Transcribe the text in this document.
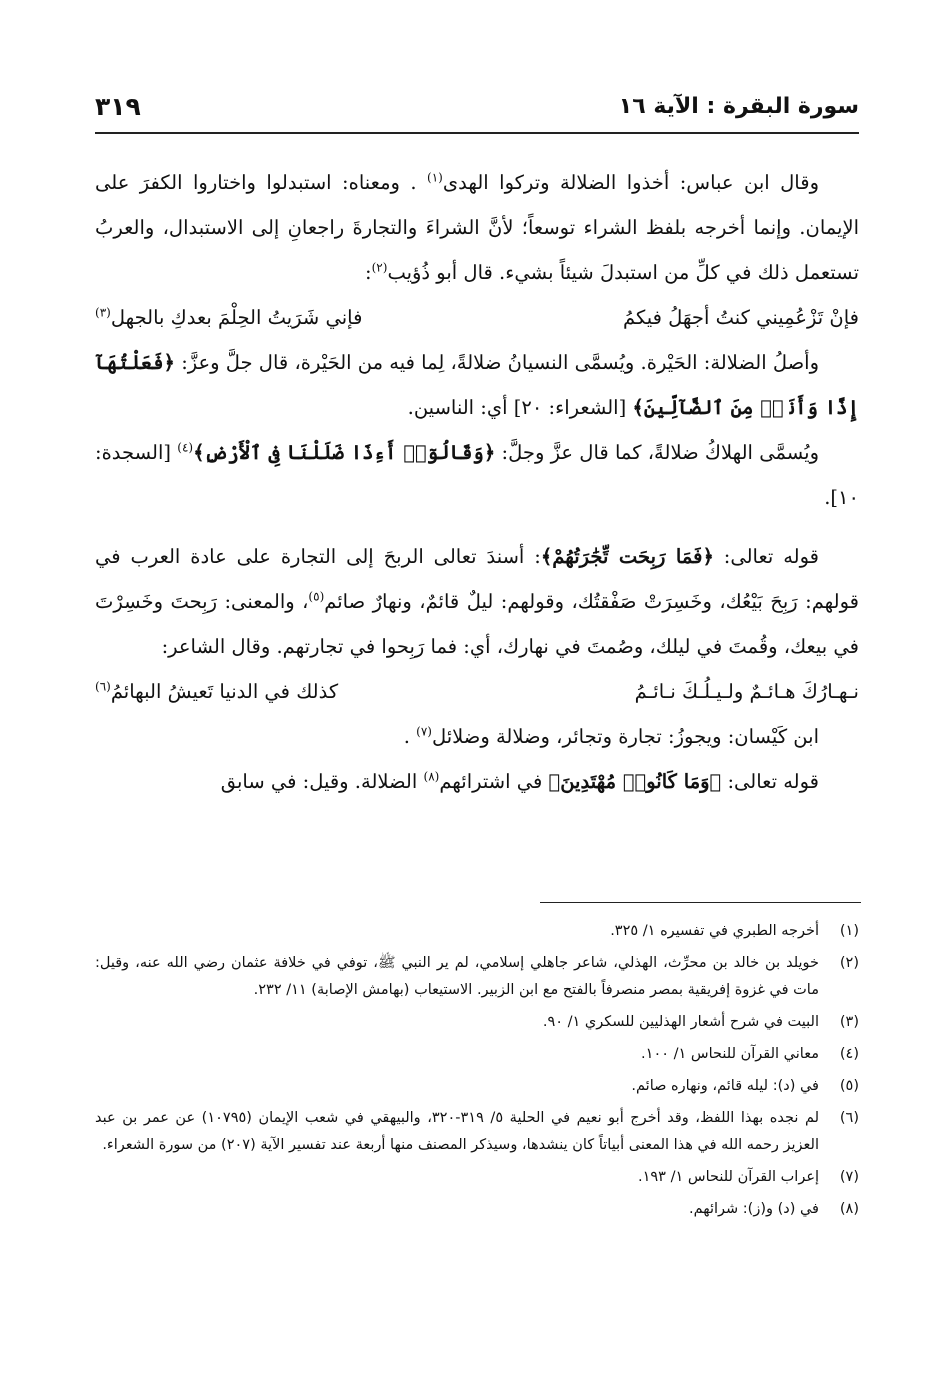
سورة البقرة : الآية ١٦
٣١٩

وقال ابن عباس: أخذوا الضلالة وتركوا الهدى$^{(١)}$ . ومعناه: استبدلوا واختاروا الكفرَ على الإيمان. وإنما أخرجه بلفظ الشراء توسعاً؛ لأنَّ الشراءَ والتجارةَ راجعانِ إلى الاستبدال، والعربُ تستعمل ذلك في كلِّ من استبدلَ شيئاً بشيء. قال أبو ذُؤيب$^{(٢)}$:

فإنْ تَزْعُمِيني كنتُ أجهَلُ فيكمُ
فإني شَرَيتُ الحِلْمَ بعدكِ بالجهل$^{(٣)}$

وأصلُ الضلالة: الحَيْرة. ويُسمَّى النسيانُ ضلالةً، لِما فيه من الحَيْرة، قال جلَّ وعزَّ: ﴿فَعَلْتُهَآ إِذًا وَأَنَا۠ مِنَ ٱلضَّآلِّينَ﴾ [الشعراء: ٢٠] أي: الناسين.

ويُسمَّى الهلاكُ ضلالةً، كما قال عزَّ وجلَّ: ﴿وَقَالُوٓا۟ أَءِذَا ضَلَلْنَا فِى ٱلْأَرْضِ﴾$^{(٤)}$ [السجدة: ١٠].

قوله تعالى: ﴿فَمَا رَبِحَت تِّجَٰرَتُهُمْ﴾: أسندَ تعالى الربحَ إلى التجارة على عادة العرب في قولهم: رَبِحَ بَيْعُك، وخَسِرَتْ صَفْقتُك، وقولهم: ليلٌ قائمٌ، ونهارٌ صائم$^{(٥)}$، والمعنى: رَبِحتَ وخَسِرْتَ في بيعك، وقُمتَ في ليلك، وصُمتَ في نهارك، أي: فما رَبِحوا في تجارتهم. وقال الشاعر:

نـهـارُكَ هـائـمٌ ولـيـلُـكَ نـائـمُ
كذلك في الدنيا تَعيشُ البهائمُ$^{(٦)}$

ابن كَيْسان: ويجوزُ: تجارة وتجائر، وضلالة وضلائل$^{(٧)}$ .

قوله تعالى: ﴿وَمَا كَانُوا۟ مُهْتَدِينَ﴾ في اشترائهم$^{(٨)}$ الضلالة. وقيل: في سابق

(١)
أخرجه الطبري في تفسيره ١/ ٣٢٥.
(٢)
خويلد بن خالد بن محرِّث، الهذلي، شاعر جاهلي إسلامي، لم ير النبي ﷺ، توفي في خلافة عثمان رضي الله عنه، وقيل: مات في غزوة إفريقية بمصر منصرفاً بالفتح مع ابن الزبير. الاستيعاب (بهامش الإصابة) ١١/ ٢٣٢.
(٣)
البيت في شرح أشعار الهذليين للسكري ١/ ٩٠.
(٤)
معاني القرآن للنحاس ١/ ١٠٠.
(٥)
في (د): ليله قائم، ونهاره صائم.
(٦)
لم نجده بهذا اللفظ، وقد أخرج أبو نعيم في الحلية ٥/ ٣١٩-٣٢٠، والبيهقي في شعب الإيمان (١٠٧٩٥) عن عمر بن عبد العزيز رحمه الله في هذا المعنى أبياتاً كان ينشدها، وسيذكر المصنف منها أربعة عند تفسير الآية (٢٠٧) من سورة الشعراء.
(٧)
إعراب القرآن للنحاس ١/ ١٩٣.
(٨)
في (د) و(ز): شرائهم.
